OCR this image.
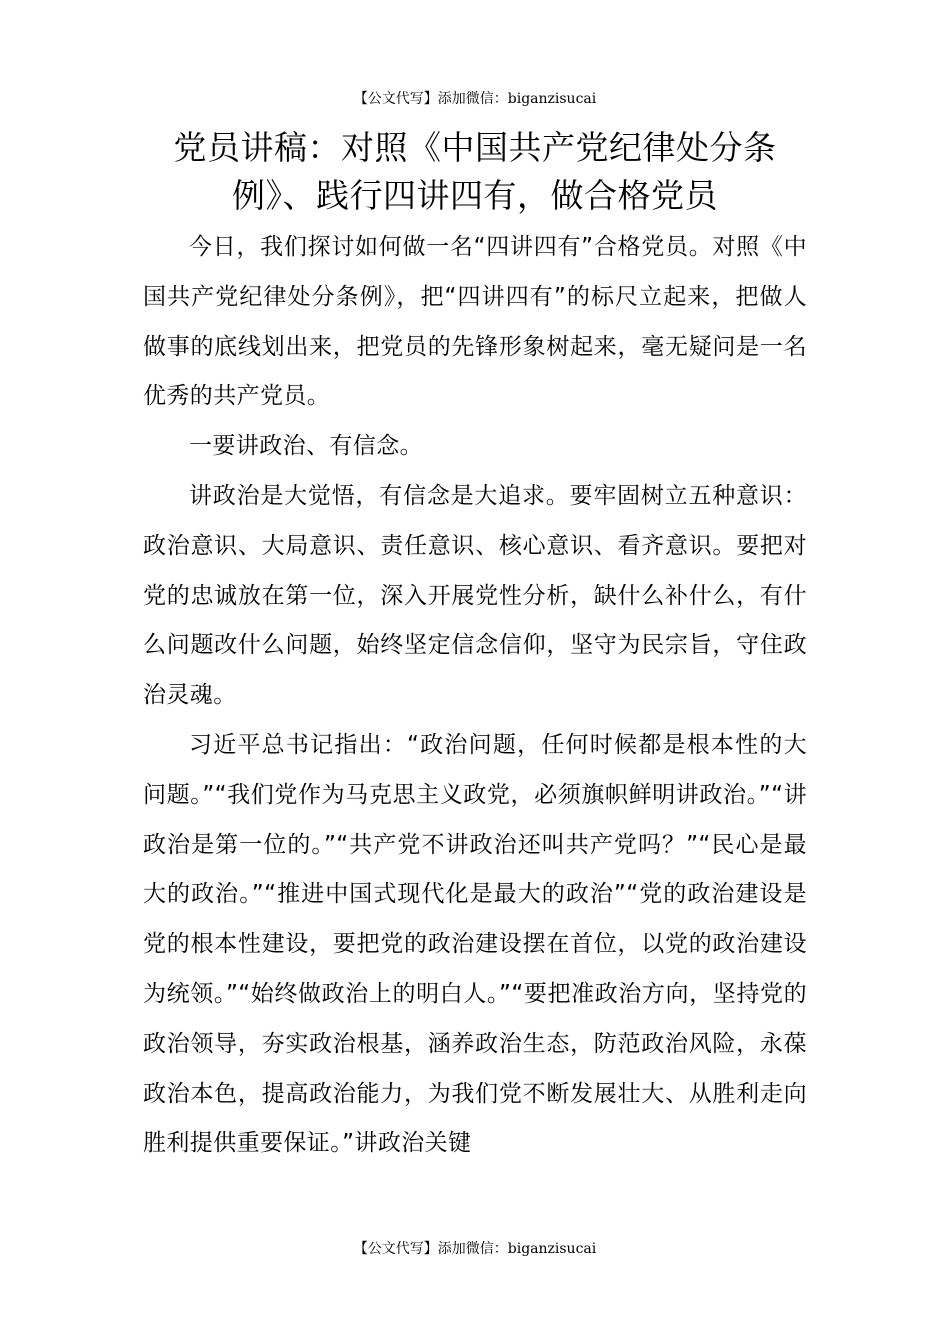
【公文代写】添加微信：biganzisucai
党员讲稿：对照《中国共产党纪律处分条例》、践行四讲四有，做合格党员

今日，我们探讨如何做一名“四讲四有”合格党员。对照《中国共产党纪律处分条例》，把“四讲四有”的标尺立起来，把做人做事的底线划出来，把党员的先锋形象树起来，毫无疑问是一名优秀的共产党员。

一要讲政治、有信念。

讲政治是大觉悟，有信念是大追求。要牢固树立五种意识：政治意识、大局意识、责任意识、核心意识、看齐意识。要把对党的忠诚放在第一位，深入开展党性分析，缺什么补什么，有什么问题改什么问题，始终坚定信念信仰，坚守为民宗旨，守住政治灵魂。

习近平总书记指出：“政治问题，任何时候都是根本性的大问题。”“我们党作为马克思主义政党，必须旗帜鲜明讲政治。”“讲政治是第一位的。”“共产党不讲政治还叫共产党吗？”“民心是最大的政治。”“推进中国式现代化是最大的政治”“党的政治建设是党的根本性建设，要把党的政治建设摆在首位，以党的政治建设为统领。”“始终做政治上的明白人。”“要把准政治方向，坚持党的政治领导，夯实政治根基，涵养政治生态，防范政治风险，永葆政治本色，提高政治能力，为我们党不断发展壮大、从胜利走向胜利提供重要保证。”讲政治关键

【公文代写】添加微信：biganzisucai
